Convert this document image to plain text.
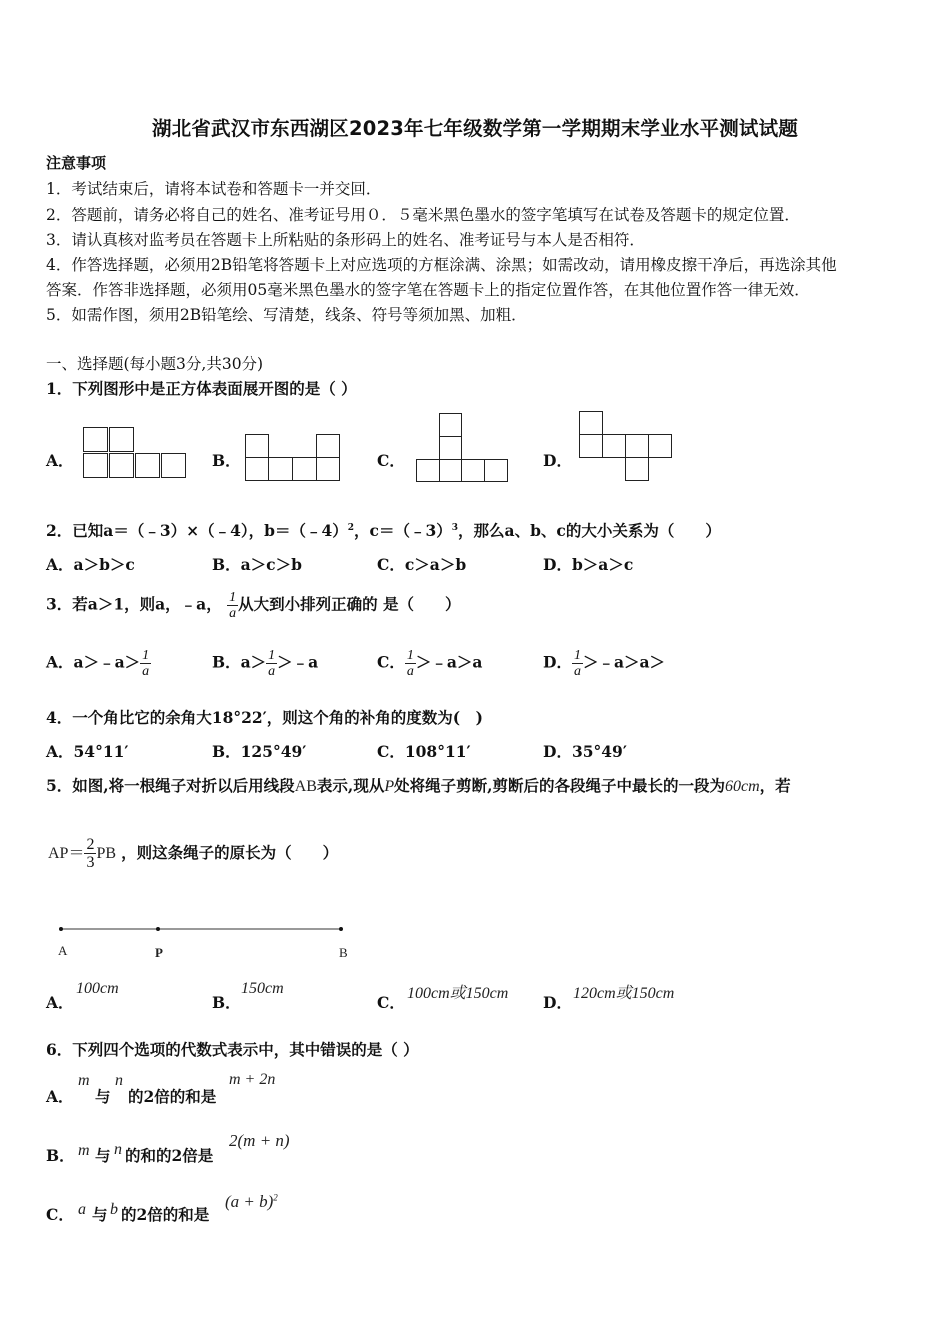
湖北省武汉市东西湖区2023年七年级数学第一学期期末学业水平测试试题
注意事项
1．考试结束后，请将本试卷和答题卡一并交回．
2．答题前，请务必将自己的姓名、准考证号用０．５毫米黑色墨水的签字笔填写在试卷及答题卡的规定位置．
3．请认真核对监考员在答题卡上所粘贴的条形码上的姓名、准考证号与本人是否相符．
4．作答选择题，必须用2B铅笔将答题卡上对应选项的方框涂满、涂黑；如需改动，请用橡皮擦干净后，再选涂其他
答案．作答非选择题，必须用05毫米黑色墨水的签字笔在答题卡上的指定位置作答，在其他位置作答一律无效．
5．如需作图，须用2B铅笔绘、写清楚，线条、符号等须加黑、加粗．
一、选择题(每小题3分,共30分)
1．下列图形中是正方体表面展开图的是（ ）
A．	B．	C．	D．
2．已知a＝（﹣3）×（﹣4），b＝（﹣4）$^2$，c＝（﹣3）$^3$，那么a、b、c的大小关系为（　　）
A．a＞b＞c	B．a＞c＞b	C．c＞a＞b	D．b＞a＞c
3．若a＞1，则a，﹣a， $\frac{1}{a}$ 从大到小排列正确的 是（　　）
A．a＞﹣a＞ $\frac{1}{a}$	B．$a> \frac{1}{a}$ ＞﹣a	C． $\frac{1}{a}$ ＞﹣a＞a	D． $\frac{1}{a}$ ＞﹣a＞a＞
4．一个角比它的余角大18°22′，则这个角的补角的度数为(　)
A．54°11′	B．125°49′	C．108°11′	D．35°49′
5．如图,将一根绳子对折以后用线段AB表示,现从P处将绳子剪断,剪断后的各段绳子中最长的一段为60cm，若
$AP= \frac{2}{3}$ PB ，则这条绳子的原长为（　　）
A	P	B
A．
100cm
B．
150cm
C． 100cm或150cm D． 120cm或150cm
6．下列四个选项的代数式表示中，其中错误的是（ ）
A．
m
与
n
的2倍的和是
m + 2n
B． m 与 n 的和的2倍是
2(m + n)
C． a 与 b 的2倍的和是
$(a + b)^2$
